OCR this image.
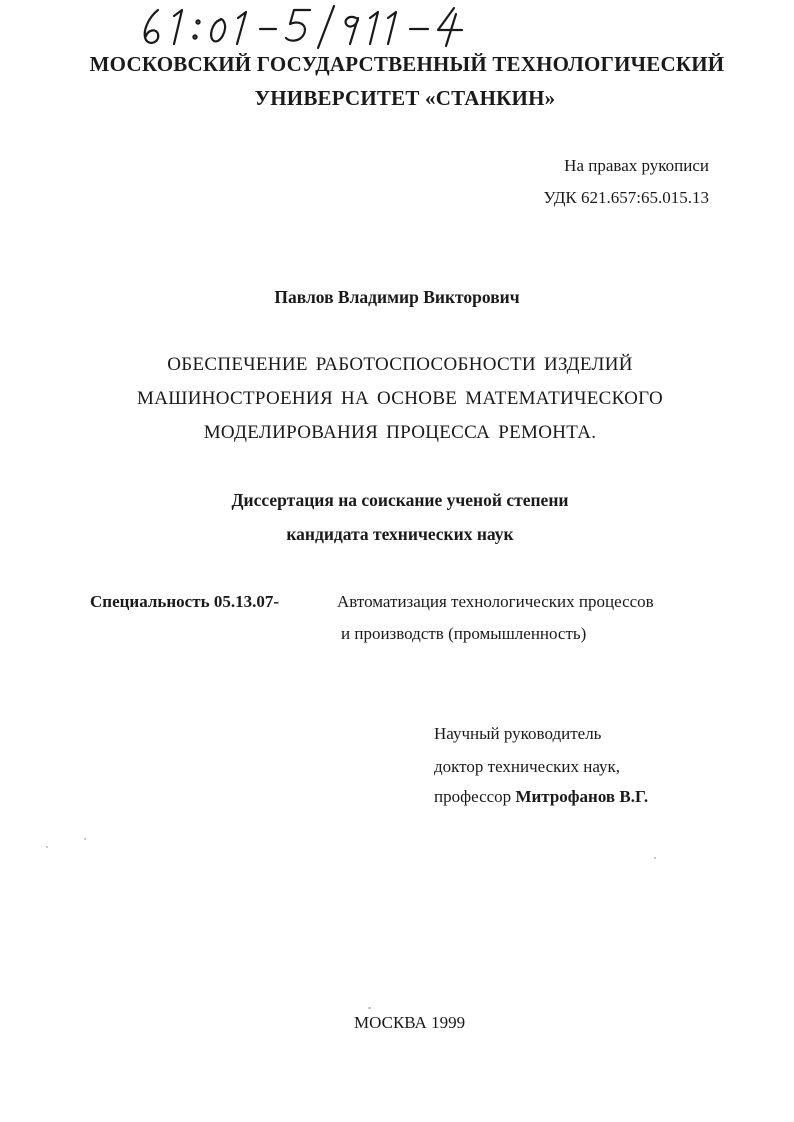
МОСКОВСКИЙ ГОСУДАРСТВЕННЫЙ ТЕХНОЛОГИЧЕСКИЙ
УНИВЕРСИТЕТ «СТАНКИН»
На правах рукописи
УДК 621.657:65.015.13
Павлов Владимир Викторович
ОБЕСПЕЧЕНИЕ РАБОТОСПОСОБНОСТИ ИЗДЕЛИЙ
МАШИНОСТРОЕНИЯ НА ОСНОВЕ МАТЕМАТИЧЕСКОГО
МОДЕЛИРОВАНИЯ ПРОЦЕССА РЕМОНТА.
Диссертация на соискание ученой степени
кандидата технических наук
Специальность 05.13.07-	Автоматизация технологических процессов
и производств (промышленность)
Научный руководитель
доктор технических наук,
профессор Митрофанов В.Г.
МОСКВА 1999
